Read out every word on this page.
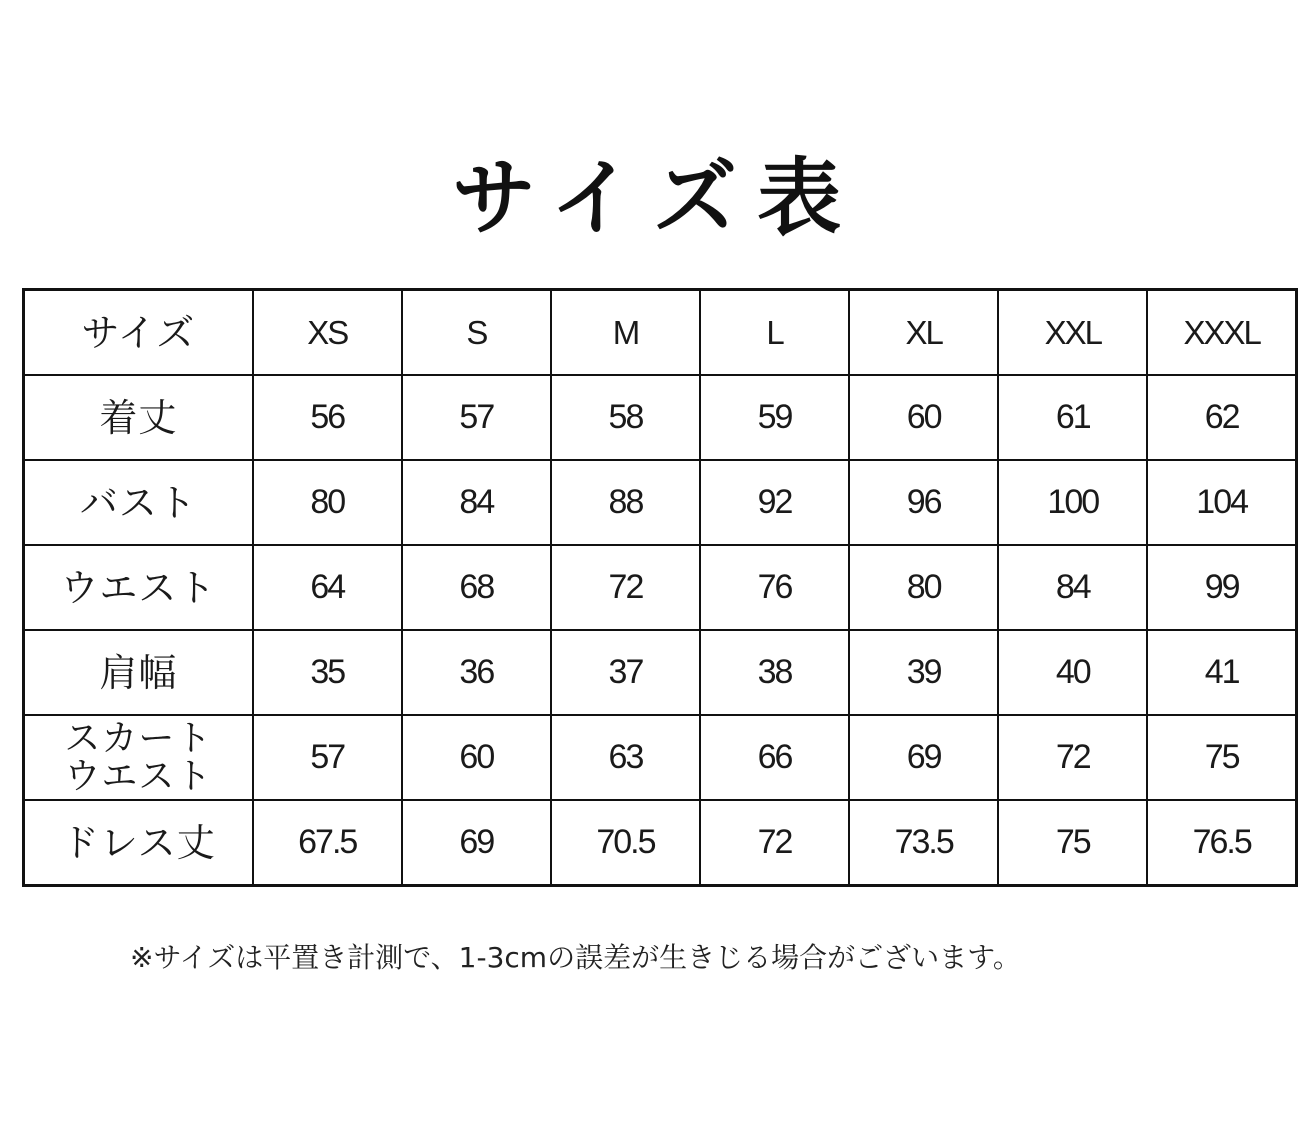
サイズ表
サイズ	XS	S	M	L	XL	XXL	XXXL
着丈	56	57	58	59	60	61	62
バスト	80	84	88	92	96	100	104
ウエスト	64	68	72	76	80	84	99
肩幅	35	36	37	38	39	40	41

スカート
ウエスト	57	60	63	66	69	72	75
ドレス丈	67.5	69	70.5	72	73.5	75	76.5
※サイズは平置き計測で、1-3cmの誤差が生きじる場合がございます。
